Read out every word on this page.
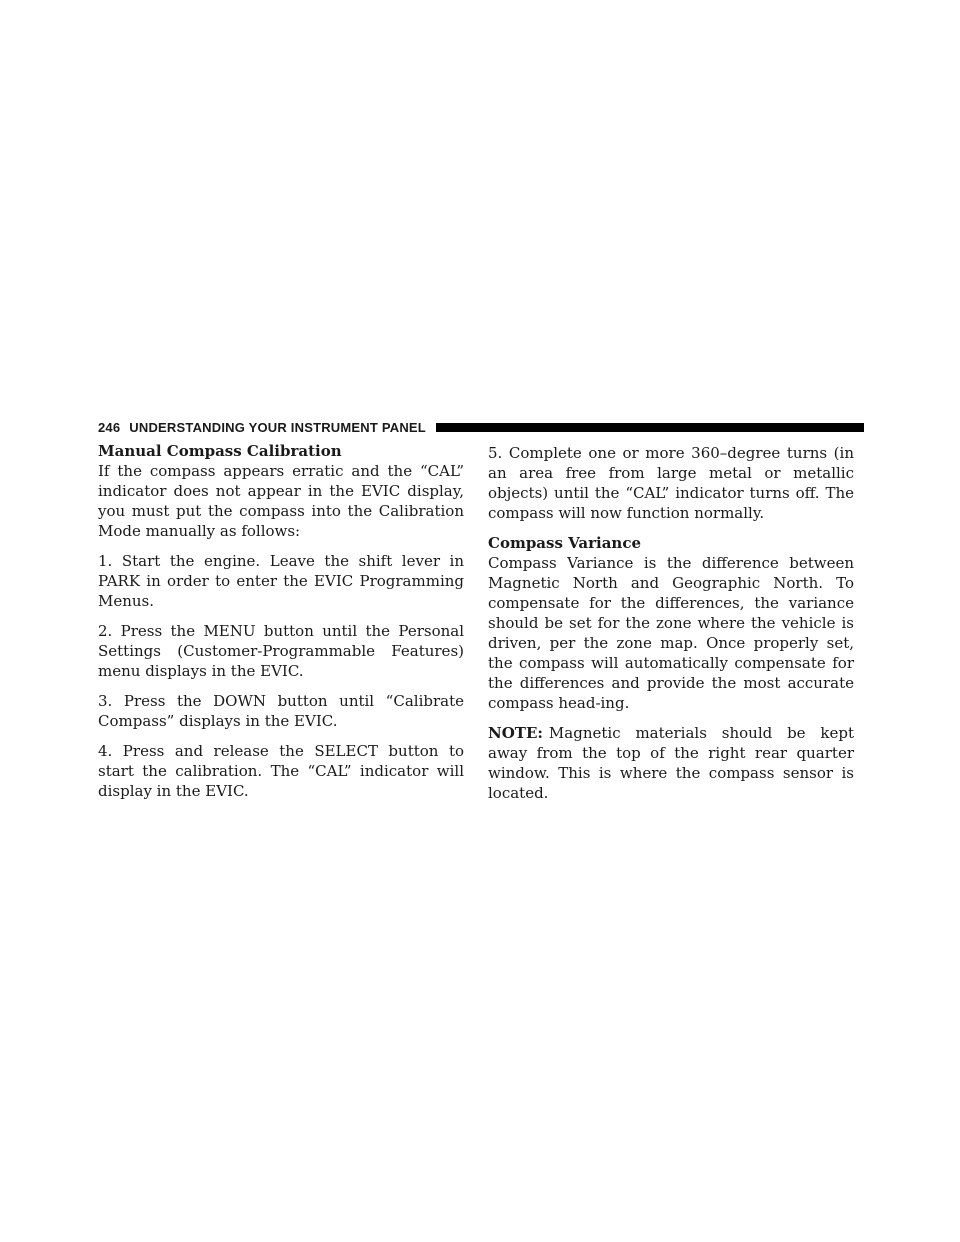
246 UNDERSTANDING YOUR INSTRUMENT PANEL
Manual Compass Calibration

If the compass appears erratic and the “CAL” indicator does not appear in the EVIC display, you must put the compass into the Calibration Mode manually as follows:

1. Start the engine. Leave the shift lever in PARK in order to enter the EVIC Programming Menus.

2. Press the MENU button until the Personal Settings (Customer-Programmable Features) menu displays in the EVIC.

3. Press the DOWN button until “Calibrate Compass” displays in the EVIC.

4. Press and release the SELECT button to start the calibration. The “CAL” indicator will display in the EVIC.

5. Complete one or more 360–degree turns (in an area free from large metal or metallic objects) until the “CAL” indicator turns off. The compass will now function normally.

Compass Variance

Compass Variance is the difference between Magnetic North and Geographic North. To compensate for the differences, the variance should be set for the zone where the vehicle is driven, per the zone map. Once properly set, the compass will automatically compensate for the differences and provide the most accurate compass head-ing.

NOTE: Magnetic materials should be kept away from the top of the right rear quarter window. This is where the compass sensor is located.
